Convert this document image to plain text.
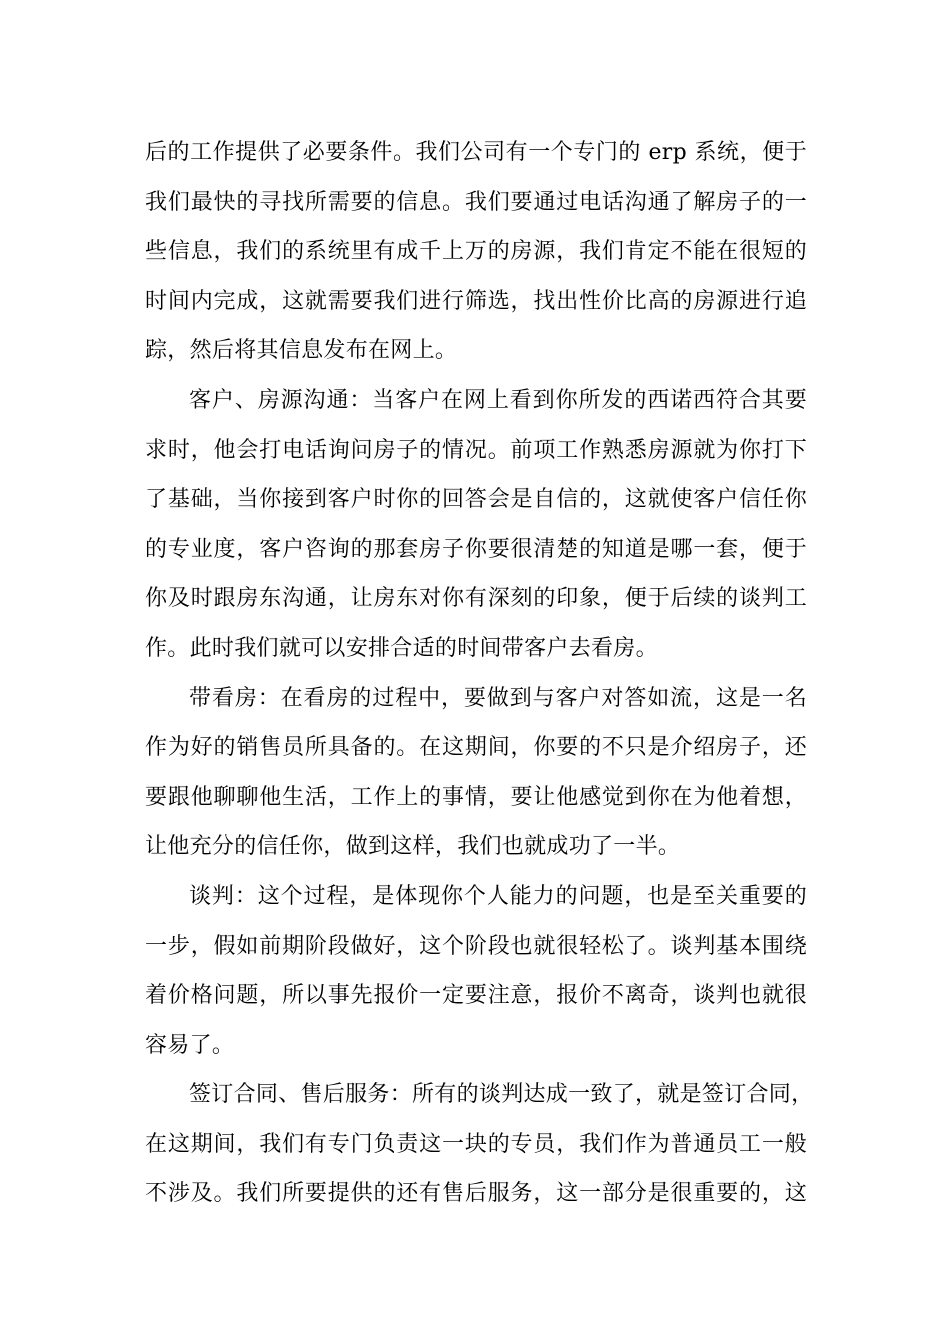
后的工作提供了必要条件。我们公司有一个专门的 erp 系统，便于
我们最快的寻找所需要的信息。我们要通过电话沟通了解房子的一
些信息，我们的系统里有成千上万的房源，我们肯定不能在很短的
时间内完成，这就需要我们进行筛选，找出性价比高的房源进行追
踪，然后将其信息发布在网上。
客户、房源沟通：当客户在网上看到你所发的西诺西符合其要
求时，他会打电话询问房子的情况。前项工作熟悉房源就为你打下
了基础，当你接到客户时你的回答会是自信的，这就使客户信任你
的专业度，客户咨询的那套房子你要很清楚的知道是哪一套，便于
你及时跟房东沟通，让房东对你有深刻的印象，便于后续的谈判工
作。此时我们就可以安排合适的时间带客户去看房。
带看房：在看房的过程中，要做到与客户对答如流，这是一名
作为好的销售员所具备的。在这期间，你要的不只是介绍房子，还
要跟他聊聊他生活，工作上的事情，要让他感觉到你在为他着想，
让他充分的信任你，做到这样，我们也就成功了一半。
谈判：这个过程，是体现你个人能力的问题，也是至关重要的
一步，假如前期阶段做好，这个阶段也就很轻松了。谈判基本围绕
着价格问题，所以事先报价一定要注意，报价不离奇，谈判也就很
容易了。
签订合同、售后服务：所有的谈判达成一致了，就是签订合同，
在这期间，我们有专门负责这一块的专员，我们作为普通员工一般
不涉及。我们所要提供的还有售后服务，这一部分是很重要的，这
